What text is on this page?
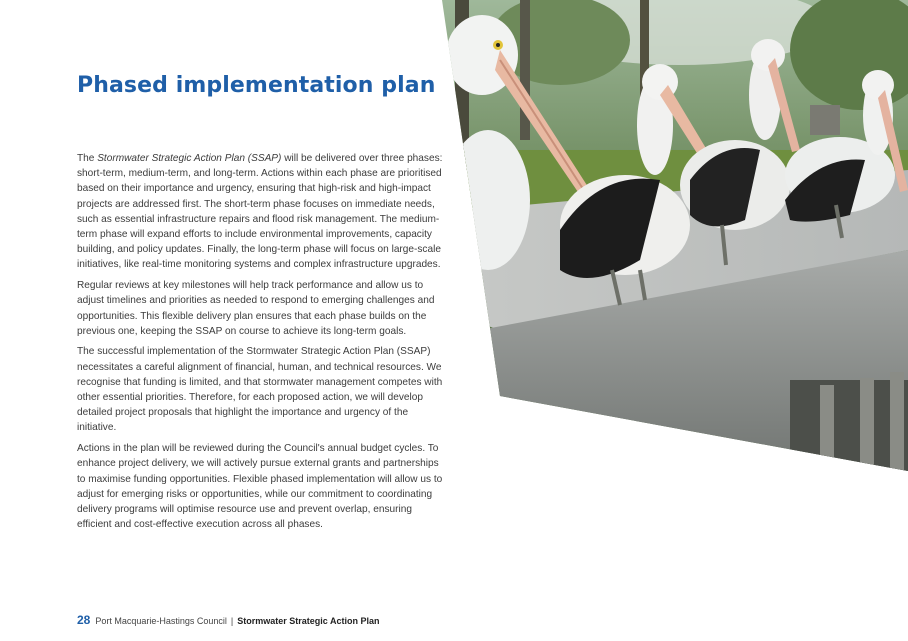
Phased implementation plan

The Stormwater Strategic Action Plan (SSAP) will be delivered over three phases: short-term, medium-term, and long-term. Actions within each phase are prioritised based on their importance and urgency, ensuring that high-risk and high-impact projects are addressed first. The short-term phase focuses on immediate needs, such as essential infrastructure repairs and flood risk management. The medium-term phase will expand efforts to include environmental improvements, capacity building, and policy updates. Finally, the long-term phase will focus on large-scale initiatives, like real-time monitoring systems and complex infrastructure upgrades.

Regular reviews at key milestones will help track performance and allow us to adjust timelines and priorities as needed to respond to emerging challenges and opportunities. This flexible delivery plan ensures that each phase builds on the previous one, keeping the SSAP on course to achieve its long-term goals.

The successful implementation of the Stormwater Strategic Action Plan (SSAP) necessitates a careful alignment of financial, human, and technical resources. We recognise that funding is limited, and that stormwater management competes with other essential priorities. Therefore, for each proposed action, we will develop detailed project proposals that highlight the importance and urgency of the initiative.

Actions in the plan will be reviewed during the Council's annual budget cycles. To enhance project delivery, we will actively pursue external grants and partnerships to maximise funding opportunities. Flexible phased implementation will allow us to adjust for emerging risks or opportunities, while our commitment to coordinating delivery programs will optimise resource use and prevent overlap, ensuring efficient and cost-effective execution across all phases.

28 Port Macquarie-Hastings Council | Stormwater Strategic Action Plan
